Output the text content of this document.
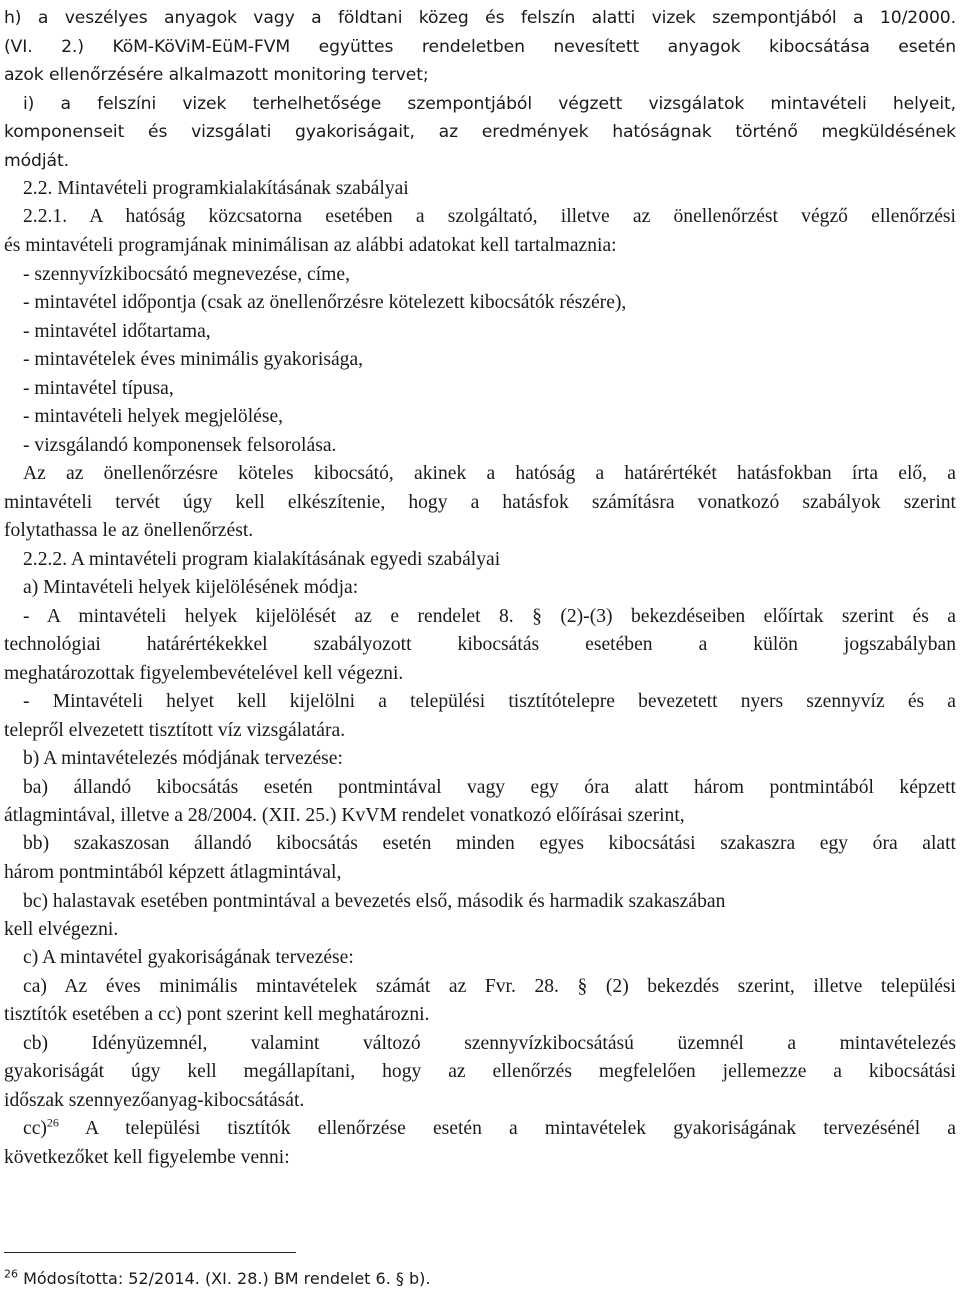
h) a veszélyes anyagok vagy a földtani közeg és felszín alatti vizek szempontjából a 10/2000.
(VI. 2.) KöM-KöViM-EüM-FVM együttes rendeletben nevesített anyagok kibocsátása esetén
azok ellenőrzésére alkalmazott monitoring tervet;
i) a felszíni vizek terhelhetősége szempontjából végzett vizsgálatok mintavételi helyeit,
komponenseit és vizsgálati gyakoriságait, az eredmények hatóságnak történő megküldésének
módját.
2.2. Mintavételi programkialakításának szabályai
2.2.1. A hatóság közcsatorna esetében a szolgáltató, illetve az önellenőrzést végző ellenőrzési
és mintavételi programjának minimálisan az alábbi adatokat kell tartalmaznia:
- szennyvízkibocsátó megnevezése, címe,
- mintavétel időpontja (csak az önellenőrzésre kötelezett kibocsátók részére),
- mintavétel időtartama,
- mintavételek éves minimális gyakorisága,
- mintavétel típusa,
- mintavételi helyek megjelölése,
- vizsgálandó komponensek felsorolása.
Az az önellenőrzésre köteles kibocsátó, akinek a hatóság a határértékét hatásfokban írta elő, a
mintavételi tervét úgy kell elkészítenie, hogy a hatásfok számításra vonatkozó szabályok szerint
folytathassa le az önellenőrzést.
2.2.2. A mintavételi program kialakításának egyedi szabályai
a) Mintavételi helyek kijelölésének módja:
- A mintavételi helyek kijelölését az e rendelet 8. § (2)-(3) bekezdéseiben előírtak szerint és a
technológiai határértékekkel szabályozott kibocsátás esetében a külön jogszabályban
meghatározottak figyelembevételével kell végezni.
- Mintavételi helyet kell kijelölni a települési tisztítótelepre bevezetett nyers szennyvíz és a
telepről elvezetett tisztított víz vizsgálatára.
b) A mintavételezés módjának tervezése:
ba) állandó kibocsátás esetén pontmintával vagy egy óra alatt három pontmintából képzett
átlagmintával, illetve a 28/2004. (XII. 25.) KvVM rendelet vonatkozó előírásai szerint,
bb) szakaszosan állandó kibocsátás esetén minden egyes kibocsátási szakaszra egy óra alatt
három pontmintából képzett átlagmintával,
bc) halastavak esetében pontmintával a bevezetés első, második és harmadik szakaszában
kell elvégezni.
c) A mintavétel gyakoriságának tervezése:
ca) Az éves minimális mintavételek számát az Fvr. 28. § (2) bekezdés szerint, illetve települési
tisztítók esetében a cc) pont szerint kell meghatározni.
cb) Idényüzemnél, valamint változó szennyvízkibocsátású üzemnél a mintavételezés
gyakoriságát úgy kell megállapítani, hogy az ellenőrzés megfelelően jellemezze a kibocsátási
időszak szennyezőanyag-kibocsátását.
cc)$^{26}$ A települési tisztítók ellenőrzése esetén a mintavételek gyakoriságának tervezésénél a
következőket kell figyelembe venni:
$^{26}$ Módosította: 52/2014. (XI. 28.) BM rendelet 6. § b).
